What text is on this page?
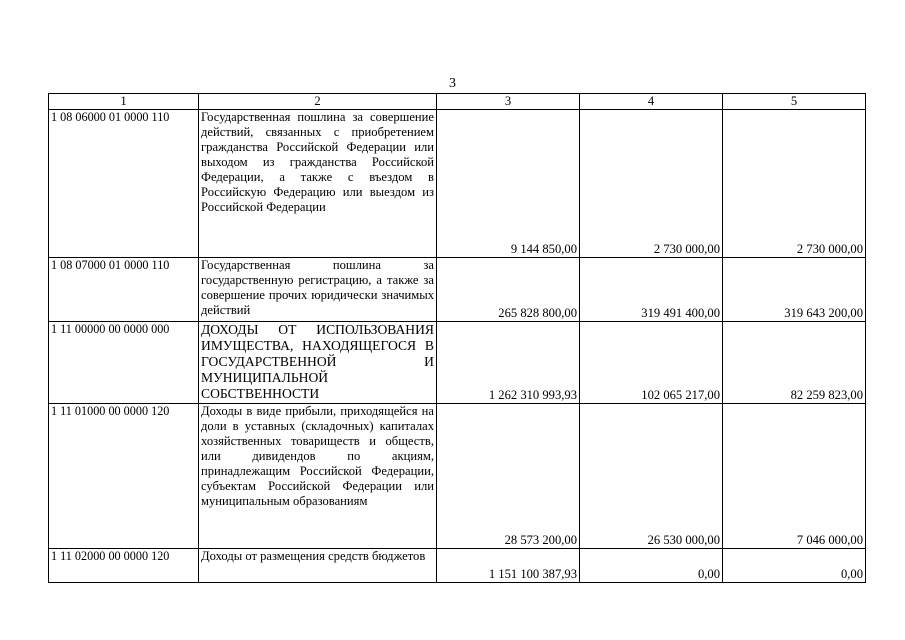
3
1	2	3	4	5
1 08 06000 01 0000 110	Государственная пошлина за совершение действий, связанных с приобретением гражданства Российской Федерации или выходом из гражданства Российской Федерации, а также с въездом в Российскую Федерацию или выездом из Российской Федерации	9 144 850,00	2 730 000,00	2 730 000,00
1 08 07000 01 0000 110	Государственная пошлина за государственную регистрацию, а также за совершение прочих юридически значимых действий	265 828 800,00	319 491 400,00	319 643 200,00
1 11 00000 00 0000 000	ДОХОДЫ ОТ ИСПОЛЬЗОВАНИЯ ИМУЩЕСТВА, НАХОДЯЩЕГОСЯ В ГОСУДАРСТВЕННОЙ И МУНИЦИПАЛЬНОЙ СОБСТВЕННОСТИ	1 262 310 993,93	102 065 217,00	82 259 823,00
1 11 01000 00 0000 120	Доходы в виде прибыли, приходящейся на доли в уставных (складочных) капиталах хозяйственных товариществ и обществ, или дивидендов по акциям, принадлежащим Российской Федерации, субъектам Российской Федерации или муниципальным образованиям	28 573 200,00	26 530 000,00	7 046 000,00
1 11 02000 00 0000 120	Доходы от размещения средств бюджетов	1 151 100 387,93	0,00	0,00
